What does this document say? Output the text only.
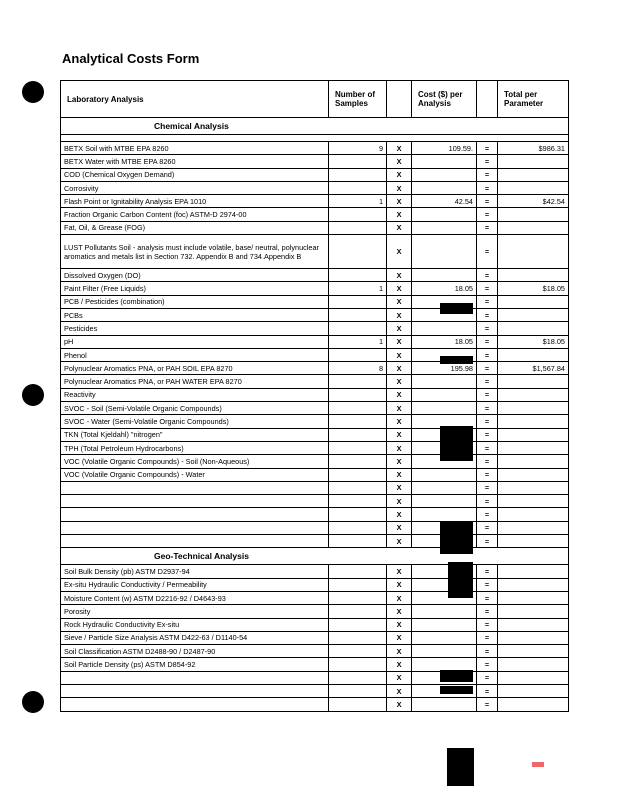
Analytical Costs Form
Laboratory Analysis	Number of Samples		Cost ($) per Analysis		Total per Parameter
Chemical Analysis					

BETX Soil with MTBE EPA 8260	9	X	109.59.	=	$986.31
BETX Water with MTBE EPA 8260		X		=	
COD (Chemical Oxygen Demand)		X		=	
Corrosivity		X		=	
Flash Point or Ignitability Analysis EPA 1010	1	X	42.54	=	$42.54
Fraction Organic Carbon Content (foc) ASTM-D 2974-00		X		=	
Fat, Oil, & Grease (FOG)		X		=	
LUST Pollutants Soil - analysis must include volatile, base/ neutral, polynuclear aromatics and metals list in Section 732. Appendix B and 734.Appendix B		X		=	
Dissolved Oxygen (DO)		X		=	
Paint Filter (Free Liquids)	1	X	18.05	=	$18.05
PCB / Pesticides (combination)		X		=	
PCBs		X		=	
Pesticides		X		=	
pH	1	X	18.05	=	$18.05
Phenol		X		=	
Polynuclear Aromatics PNA, or PAH SOIL EPA 8270	8	X	195.98	=	$1,567.84
Polynuclear Aromatics PNA, or PAH WATER EPA 8270		X		=	
Reactivity		X		=	
SVOC - Soil (Semi-Volatile Organic Compounds)		X		=	
SVOC - Water (Semi-Volatile Organic Compounds)		X		=	
TKN (Total Kjeldahl) "nitrogen"		X		=	
TPH (Total Petroleum Hydrocarbons)		X		=	
VOC (Volatile Organic Compounds) - Soil (Non-Aqueous)		X		=	
VOC (Volatile Organic Compounds) - Water		X		=	
		X		=	
		X		=	
		X		=	
		X		=	
		X		=	
Geo-Technical Analysis					
Soil Bulk Density (pb) ASTM D2937-94		X		=	
Ex-situ Hydraulic Conductivity / Permeability		X		=	
Moisture Content (w) ASTM D2216-92 / D4643-93		X		=	
Porosity		X		=	
Rock Hydraulic Conductivity Ex-situ		X		=	
Sieve / Particle Size Analysis ASTM D422-63 / D1140-54		X		=	
Soil Classification ASTM D2488-90 / D2487-90		X		=	
Soil Particle Density (ps) ASTM D854-92		X		=	
		X		=	
		X		=	
		X		=	
